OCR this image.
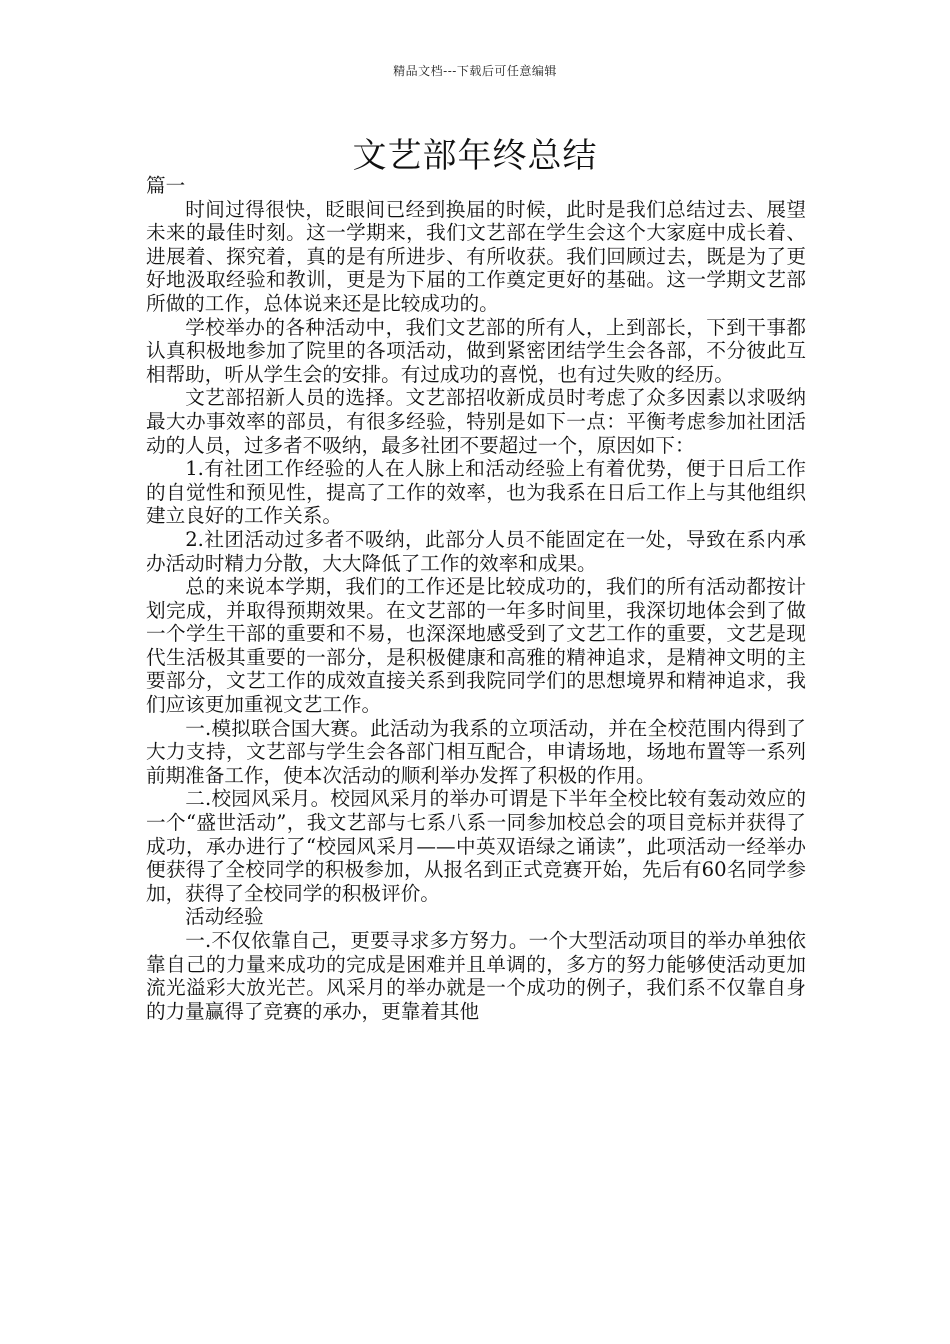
精品文档---下载后可任意编辑
文艺部年终总结

篇一

时间过得很快，眨眼间已经到换届的时候，此时是我们总结过去、展望未来的最佳时刻。这一学期来，我们文艺部在学生会这个大家庭中成长着、进展着、探究着，真的是有所进步、有所收获。我们回顾过去，既是为了更好地汲取经验和教训，更是为下届的工作奠定更好的基础。这一学期文艺部所做的工作，总体说来还是比较成功的。

学校举办的各种活动中，我们文艺部的所有人，上到部长，下到干事都认真积极地参加了院里的各项活动，做到紧密团结学生会各部，不分彼此互相帮助，听从学生会的安排。有过成功的喜悦，也有过失败的经历。

文艺部招新人员的选择。文艺部招收新成员时考虑了众多因素以求吸纳最大办事效率的部员，有很多经验，特别是如下一点：平衡考虑参加社团活动的人员，过多者不吸纳，最多社团不要超过一个，原因如下：

1.有社团工作经验的人在人脉上和活动经验上有着优势，便于日后工作的自觉性和预见性，提高了工作的效率，也为我系在日后工作上与其他组织建立良好的工作关系。

2.社团活动过多者不吸纳，此部分人员不能固定在一处，导致在系内承办活动时精力分散，大大降低了工作的效率和成果。

总的来说本学期，我们的工作还是比较成功的，我们的所有活动都按计划完成，并取得预期效果。在文艺部的一年多时间里，我深切地体会到了做一个学生干部的重要和不易，也深深地感受到了文艺工作的重要，文艺是现代生活极其重要的一部分，是积极健康和高雅的精神追求，是精神文明的主要部分，文艺工作的成效直接关系到我院同学们的思想境界和精神追求，我们应该更加重视文艺工作。

一.模拟联合国大赛。此活动为我系的立项活动，并在全校范围内得到了大力支持，文艺部与学生会各部门相互配合，申请场地，场地布置等一系列前期准备工作，使本次活动的顺利举办发挥了积极的作用。

二.校园风采月。校园风采月的举办可谓是下半年全校比较有轰动效应的一个“盛世活动”，我文艺部与七系八系一同参加校总会的项目竞标并获得了成功，承办进行了“校园风采月——中英双语绿之诵读”，此项活动一经举办便获得了全校同学的积极参加，从报名到正式竞赛开始，先后有60名同学参加，获得了全校同学的积极评价。

活动经验

一.不仅依靠自己，更要寻求多方努力。一个大型活动项目的举办单独依靠自己的力量来成功的完成是困难并且单调的，多方的努力能够使活动更加流光溢彩大放光芒。风采月的举办就是一个成功的例子，我们系不仅靠自身的力量赢得了竞赛的承办，更靠着其他
